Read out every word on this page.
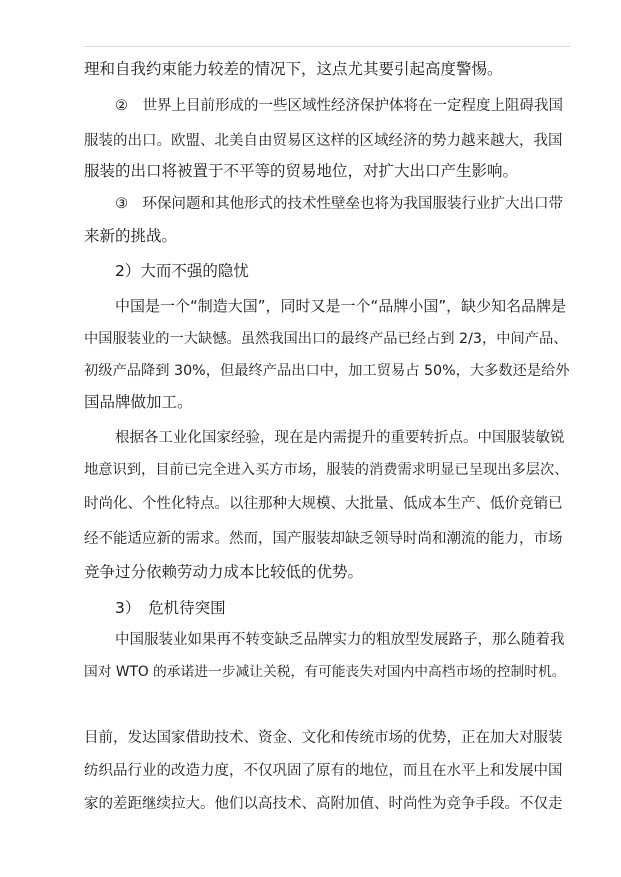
理和自我约束能力较差的情况下，这点尤其要引起高度警惕。
②　世界上目前形成的一些区域性经济保护体将在一定程度上阻碍我国
服装的出口。欧盟、北美自由贸易区这样的区域经济的势力越来越大，我国
服装的出口将被置于不平等的贸易地位，对扩大出口产生影响。
③　环保问题和其他形式的技术性壁垒也将为我国服装行业扩大出口带
来新的挑战。
2）大而不强的隐忧
中国是一个“制造大国”，同时又是一个“品牌小国”，缺少知名品牌是
中国服装业的一大缺憾。虽然我国出口的最终产品已经占到 2/3，中间产品、
初级产品降到 30%，但最终产品出口中，加工贸易占 50%，大多数还是给外
国品牌做加工。
根据各工业化国家经验，现在是内需提升的重要转折点。中国服装敏锐
地意识到，目前已完全进入买方市场，服装的消费需求明显已呈现出多层次、
时尚化、个性化特点。以往那种大规模、大批量、低成本生产、低价竞销已
经不能适应新的需求。然而，国产服装却缺乏领导时尚和潮流的能力，市场
竞争过分依赖劳动力成本比较低的优势。
3）　危机待突围
中国服装业如果再不转变缺乏品牌实力的粗放型发展路子，那么随着我
国对 WTO 的承诺进一步减让关税，有可能丧失对国内中高档市场的控制时机。
目前，发达国家借助技术、资金、文化和传统市场的优势，正在加大对服装
纺织品行业的改造力度，不仅巩固了原有的地位，而且在水平上和发展中国
家的差距继续拉大。他们以高技术、高附加值、时尚性为竞争手段。不仅走
